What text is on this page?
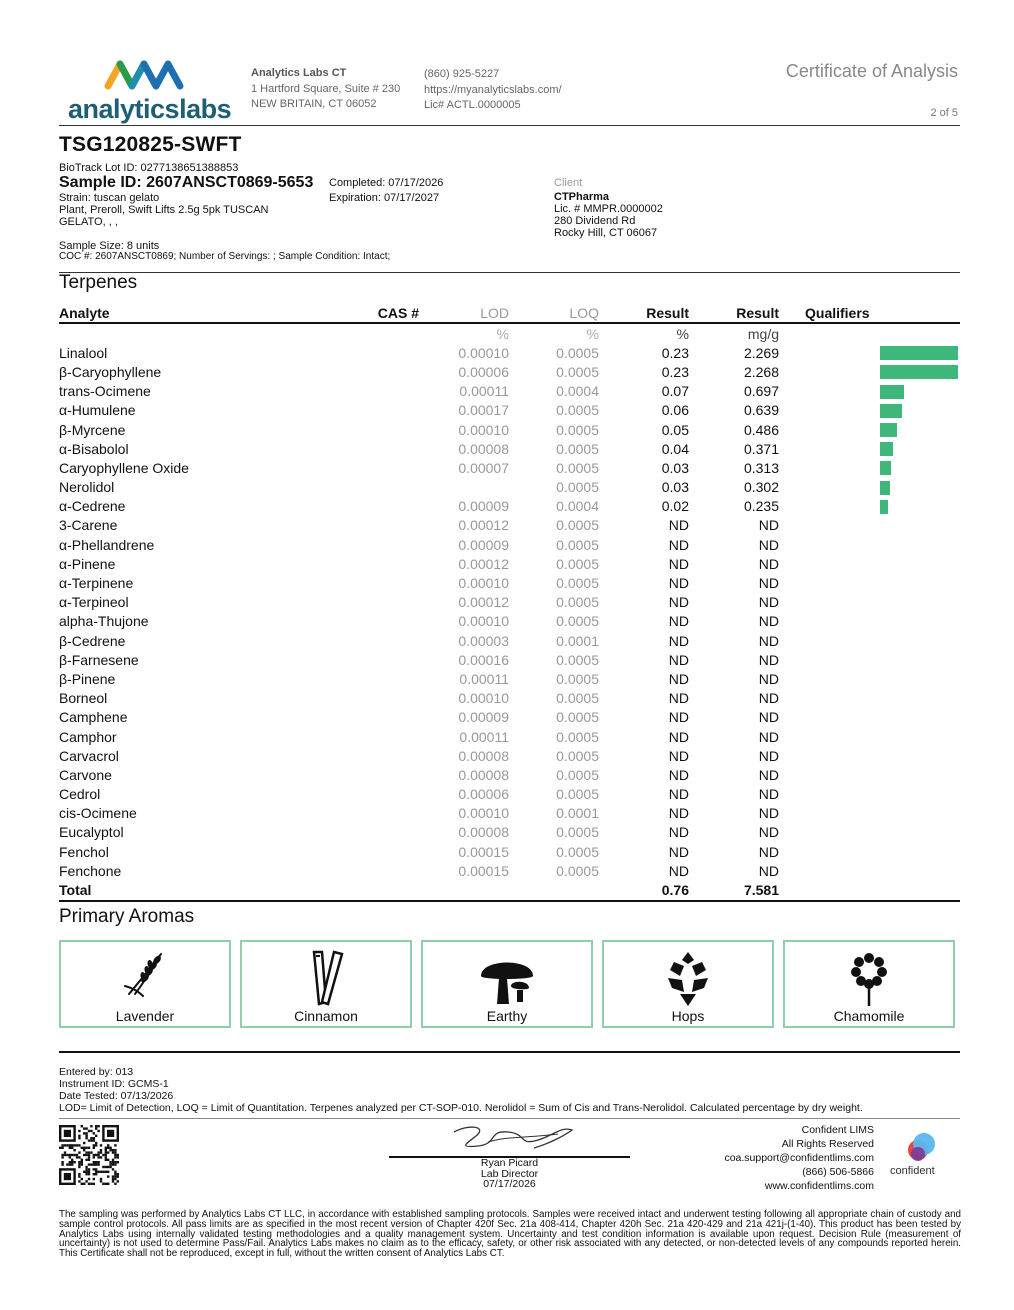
analyticslabs
Analytics Labs CT
1 Hartford Square, Suite # 230
NEW BRITAIN, CT 06052
(860) 925-5227
https://myanalyticslabs.com/
Lic# ACTL.0000005
Certificate of Analysis
2 of 5
TSG120825-SWFT
BioTrack Lot ID: 0277138651388853
Sample ID: 2607ANSCT0869-5653
Strain: tuscan gelato
Plant, Preroll, Swift Lifts 2.5g 5pk TUSCAN
GELATO, , ,
Completed: 07/17/2026
Expiration: 07/17/2027
Sample Size: 8 units
COC #: 2607ANSCT0869; Number of Servings: ; Sample Condition: Intact;
Client
CTPharma
Lic. # MMPR.0000002
280 Dividend Rd
Rocky Hill, CT 06067
Terpenes
Analyte	CAS #	LOD	LOQ	Result	Result	Qualifiers	
		%	%	%	mg/g		
Linalool		0.00010	0.0005	0.23	2.269		

β-Caryophyllene		0.00006	0.0005	0.23	2.268		

trans-Ocimene		0.00011	0.0004	0.07	0.697		

α-Humulene		0.00017	0.0005	0.06	0.639		

β-Myrcene		0.00010	0.0005	0.05	0.486		

α-Bisabolol		0.00008	0.0005	0.04	0.371		

Caryophyllene Oxide		0.00007	0.0005	0.03	0.313		

Nerolidol			0.0005	0.03	0.302		

α-Cedrene		0.00009	0.0004	0.02	0.235		

3-Carene		0.00012	0.0005	ND	ND		
α-Phellandrene		0.00009	0.0005	ND	ND		
α-Pinene		0.00012	0.0005	ND	ND		
α-Terpinene		0.00010	0.0005	ND	ND		
α-Terpineol		0.00012	0.0005	ND	ND		
alpha-Thujone		0.00010	0.0005	ND	ND		
β-Cedrene		0.00003	0.0001	ND	ND		
β-Farnesene		0.00016	0.0005	ND	ND		
β-Pinene		0.00011	0.0005	ND	ND		
Borneol		0.00010	0.0005	ND	ND		
Camphene		0.00009	0.0005	ND	ND		
Camphor		0.00011	0.0005	ND	ND		
Carvacrol		0.00008	0.0005	ND	ND		
Carvone		0.00008	0.0005	ND	ND		
Cedrol		0.00006	0.0005	ND	ND		
cis-Ocimene		0.00010	0.0001	ND	ND		
Eucalyptol		0.00008	0.0005	ND	ND		
Fenchol		0.00015	0.0005	ND	ND		
Fenchone		0.00015	0.0005	ND	ND		
Total				0.76	7.581		
Primary Aromas
Lavender	Cinnamon	Earthy	Hops	Chamomile
Entered by: 013
Instrument ID: GCMS-1
Date Tested: 07/13/2026
LOD= Limit of Detection, LOQ = Limit of Quantitation. Terpenes analyzed per CT-SOP-010. Nerolidol = Sum of Cis and Trans-Nerolidol. Calculated percentage by dry weight.
Ryan Picard
Lab Director
07/17/2026
Confident LIMS
All Rights Reserved
coa.support@confidentlims.com
(866) 506-5866
www.confidentlims.com
confident
The sampling was performed by Analytics Labs CT LLC, in accordance with established sampling protocols. Samples were received intact and underwent testing following all appropriate chain of custody and sample control protocols. All pass limits are as specified in the most recent version of Chapter 420f Sec. 21a 408-414, Chapter 420h Sec. 21a 420-429 and 21a 421j-(1-40). This product has been tested by Analytics Labs using internally validated testing methodologies and a quality management system. Uncertainty and test condition information is available upon request. Decision Rule (measurement of uncertainty) is not used to determine Pass/Fail. Analytics Labs makes no claim as to the efficacy, safety, or other risk associated with any detected, or non-detected levels of any compounds reported herein. This Certificate shall not be reproduced, except in full, without the written consent of Analytics Labs CT.
